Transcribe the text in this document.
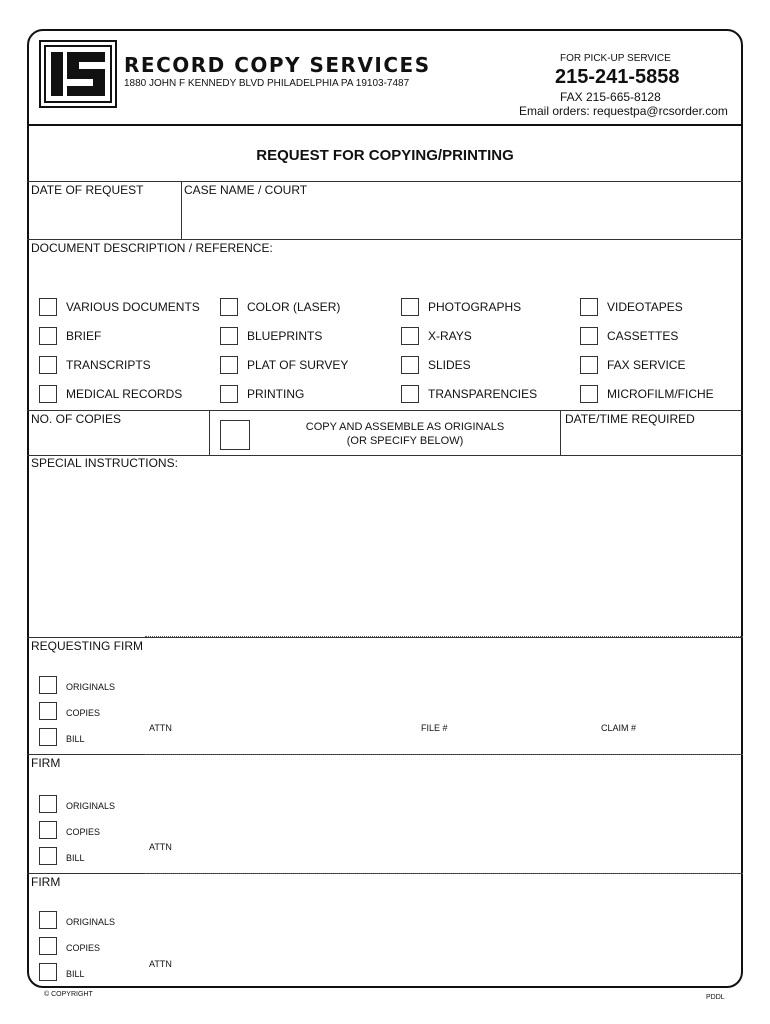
RECORD COPY SERVICES
1880 JOHN F KENNEDY BLVD PHILADELPHIA PA 19103-7487
FOR PICK-UP SERVICE
215-241-5858
FAX 215-665-8128
Email orders: requestpa@rcsorder.com
REQUEST FOR COPYING/PRINTING
DATE OF REQUEST	CASE NAME / COURT
DOCUMENT DESCRIPTION / REFERENCE:
VARIOUS DOCUMENTS	COLOR (LASER)	PHOTOGRAPHS	VIDEOTAPES
BRIEF	BLUEPRINTS	X-RAYS	CASSETTES
TRANSCRIPTS	PLAT OF SURVEY	SLIDES	FAX SERVICE
MEDICAL RECORDS	PRINTING	TRANSPARENCIES	MICROFILM/FICHE
NO. OF COPIES
COPY AND ASSEMBLE AS ORIGINALS
(OR SPECIFY BELOW)
DATE/TIME REQUIRED
SPECIAL INSTRUCTIONS:
REQUESTING FIRM
ORIGINALS
COPIES
BILL
ATTN	FILE #	CLAIM #
FIRM
ORIGINALS
COPIES
BILL
ATTN
FIRM
ORIGINALS
COPIES
BILL
ATTN
© COPYRIGHT	PDDL
